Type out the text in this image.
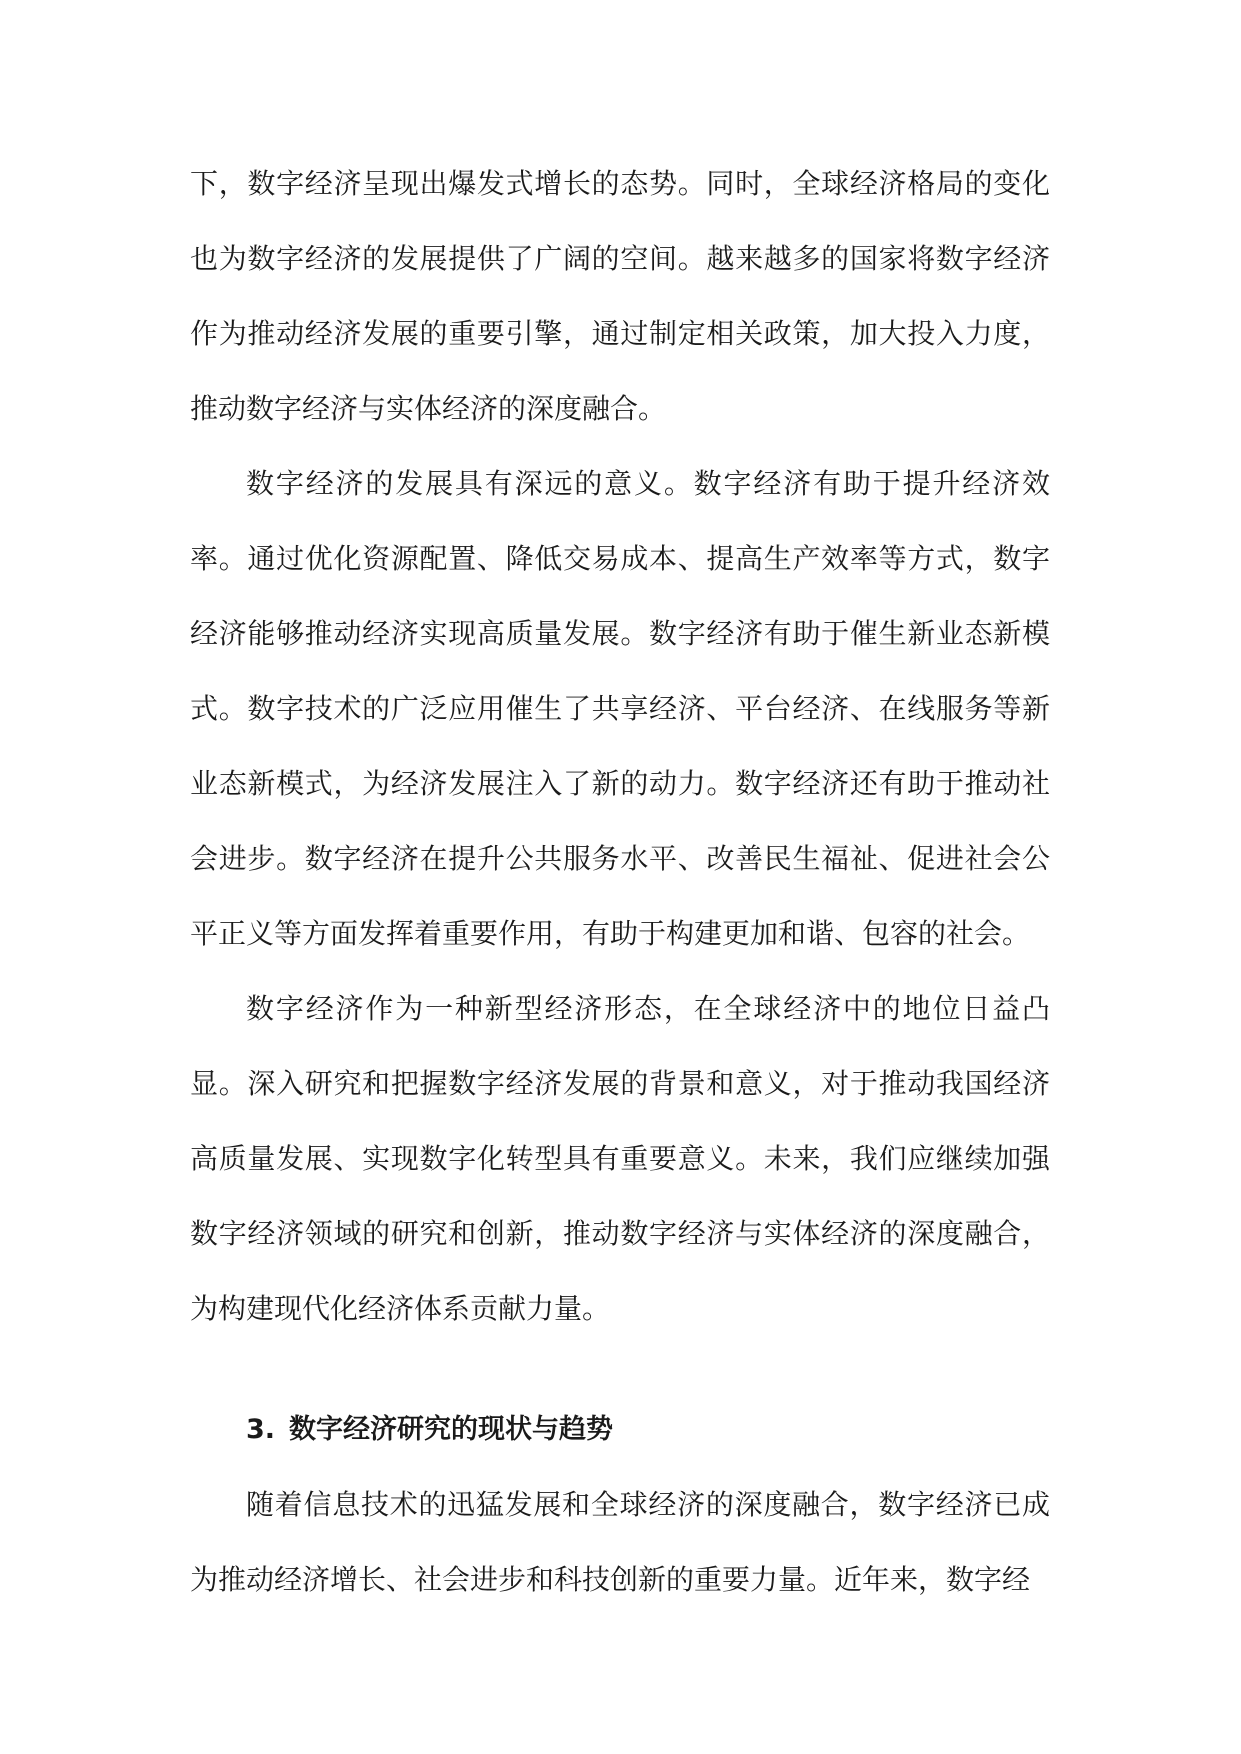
下，数字经济呈现出爆发式增长的态势。同时，全球经济格局的变化也为数字经济的发展提供了广阔的空间。越来越多的国家将数字经济作为推动经济发展的重要引擎，通过制定相关政策，加大投入力度，推动数字经济与实体经济的深度融合。

数字经济的发展具有深远的意义。数字经济有助于提升经济效率。通过优化资源配置、降低交易成本、提高生产效率等方式，数字经济能够推动经济实现高质量发展。数字经济有助于催生新业态新模式。数字技术的广泛应用催生了共享经济、平台经济、在线服务等新业态新模式，为经济发展注入了新的动力。数字经济还有助于推动社会进步。数字经济在提升公共服务水平、改善民生福祉、促进社会公平正义等方面发挥着重要作用，有助于构建更加和谐、包容的社会。

数字经济作为一种新型经济形态，在全球经济中的地位日益凸显。深入研究和把握数字经济发展的背景和意义，对于推动我国经济高质量发展、实现数字化转型具有重要意义。未来，我们应继续加强数字经济领域的研究和创新，推动数字经济与实体经济的深度融合，为构建现代化经济体系贡献力量。

3. 数字经济研究的现状与趋势

随着信息技术的迅猛发展和全球经济的深度融合，数字经济已成为推动经济增长、社会进步和科技创新的重要力量。近年来，数字经
